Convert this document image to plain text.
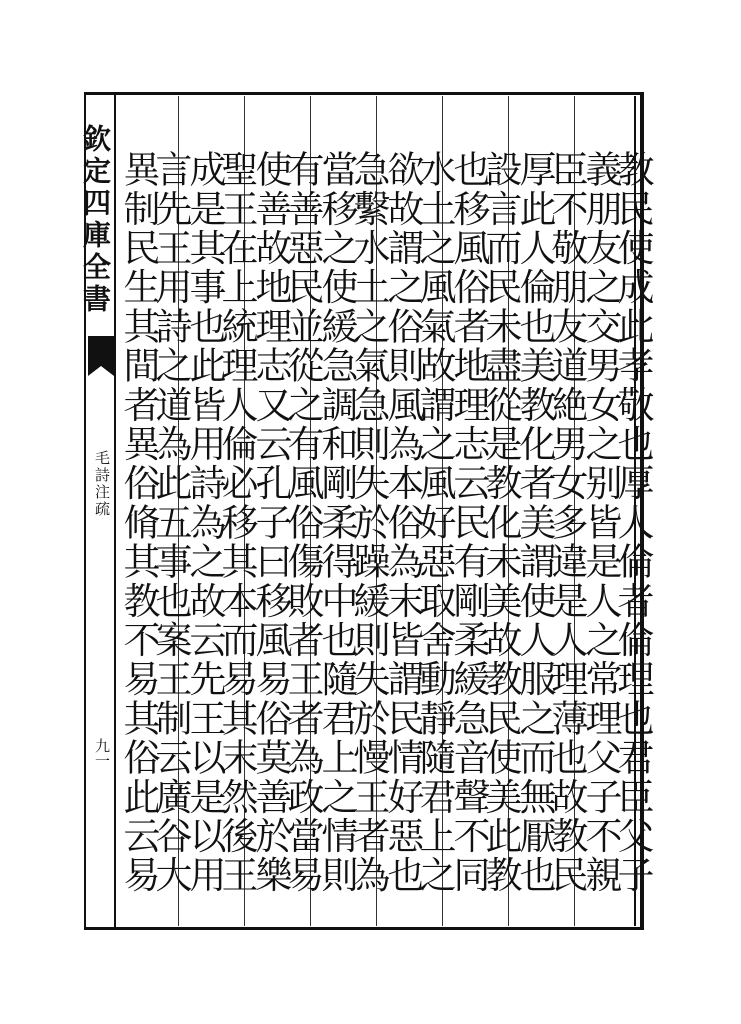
欽定四庫全書
毛詩注疏
九一
教民使成此孝敬也厚人倫者倫理也君臣父子
義朋友之交男女之别皆是人之常理父子不親
臣不敬朋友道絶男女多違是人理薄也故教民
厚此人倫也美教化者美謂使人服之而無厭也
設言而民未盡從是教化未美故教民使美此教
也移風俗者地理志云民有剛柔緩急音聲不同
水土之風氣故謂之風好惡取舍動靜隨君上之
欲故謂之俗則風為本俗為末皆謂民情好惡也
急繫水土之氣急則失於躁緩則失於慢王者為
當移之使緩急調和剛柔得中也隨君上之情則
有善惡民並從之有風俗傷敗者王者為政當易
使善故地理志又云孔子曰移風易俗莫善於樂
聖王在上統理人倫必移其本而易其末然後王
成是其事也此皆用詩為之故云先王以是以用
言先王用詩之道為此五事也案王制云廣谷大
異制民生其間者異俗脩其教不易其俗此云易
